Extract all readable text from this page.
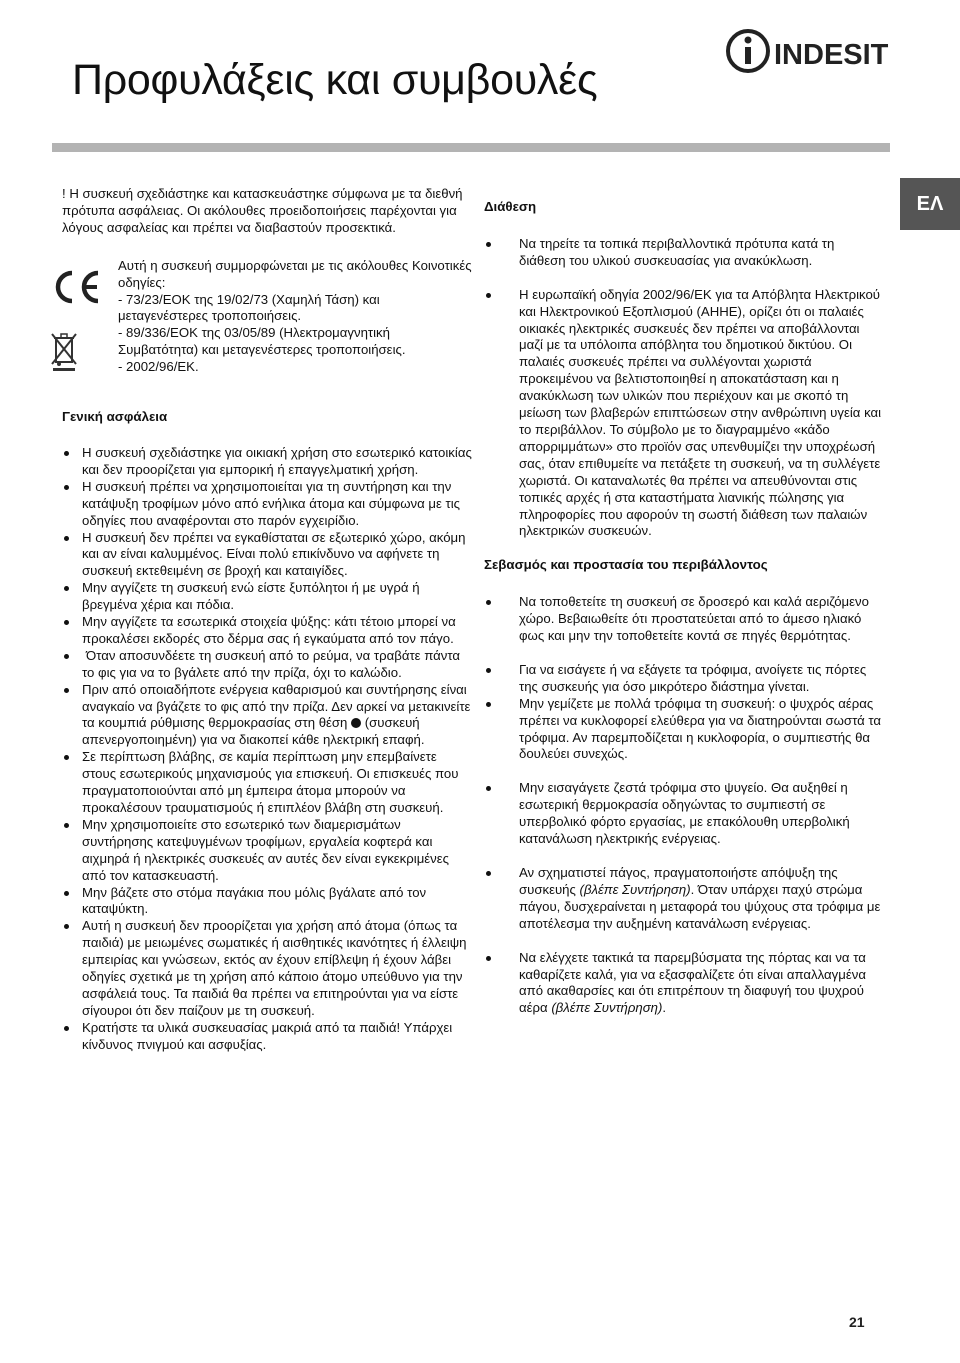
Προφυλάξεις και συμβουλές
INDESIT
ΕΛ

! Η συσκευή σχεδιάστηκε και κατασκευάστηκε σύμφωνα με τα διεθνή πρότυπα ασφάλειας. Οι ακόλουθες προειδοποιήσεις παρέχονται για λόγους ασφαλείας και πρέπει να διαβαστούν προσεκτικά.

Αυτή η συσκευή συμμορφώνεται με τις ακόλουθες Κοινοτικές οδηγίες:

- 73/23/ΕΟΚ της 19/02/73 (Χαμηλή Τάση) και μεταγενέστερες τροποποιήσεις.

- 89/336/ΕΟΚ της 03/05/89 (Ηλεκτρομαγνητική Συμβατότητα) και μεταγενέστερες τροποποιήσεις.

- 2002/96/ΕΚ.

Γενική ασφάλεια

Η συσκευή σχεδιάστηκε για οικιακή χρήση στο εσωτερικό κατοικίας και δεν προορίζεται για εμπορική ή επαγγελματική χρήση.
Η συσκευή πρέπει να χρησιμοποιείται για τη συντήρηση και την κατάψυξη τροφίμων μόνο από ενήλικα άτομα και σύμφωνα με τις οδηγίες που αναφέρονται στο παρόν εγχειρίδιο.
Η συσκευή δεν πρέπει να εγκαθίσταται σε εξωτερικό χώρο, ακόμη και αν είναι καλυμμένος. Είναι πολύ επικίνδυνο να αφήνετε τη συσκευή εκτεθειμένη σε βροχή και καταιγίδες.
Μην αγγίζετε τη συσκευή ενώ είστε ξυπόλητοι ή με υγρά ή βρεγμένα χέρια και πόδια.
Μην αγγίζετε τα εσωτερικά στοιχεία ψύξης: κάτι τέτοιο μπορεί να προκαλέσει εκδορές στο δέρμα σας ή εγκαύματα από τον πάγο.
Όταν αποσυνδέετε τη συσκευή από το ρεύμα, να τραβάτε πάντα το φις για να το βγάλετε από την πρίζα, όχι το καλώδιο.
Πριν από οποιαδήποτε ενέργεια καθαρισμού και συντήρησης είναι αναγκαίο να βγάζετε το φις από την πρίζα. Δεν αρκεί να μετακινείτε τα κουμπιά ρύθμισης θερμοκρασίας στη θέση (συσκευή απενεργοποιημένη) για να διακοπεί κάθε ηλεκτρική επαφή.
Σε περίπτωση βλάβης, σε καμία περίπτωση μην επεμβαίνετε στους εσωτερικούς μηχανισμούς για επισκευή. Οι επισκευές που πραγματοποιούνται από μη έμπειρα άτομα μπορούν να προκαλέσουν τραυματισμούς ή επιπλέον βλάβη στη συσκευή.
Μην χρησιμοποιείτε στο εσωτερικό των διαμερισμάτων συντήρησης κατεψυγμένων τροφίμων, εργαλεία κοφτερά και αιχμηρά ή ηλεκτρικές συσκευές αν αυτές δεν είναι εγκεκριμένες από τον κατασκευαστή.
Μην βάζετε στο στόμα παγάκια που μόλις βγάλατε από τον καταψύκτη.
Αυτή η συσκευή δεν προορίζεται για χρήση από άτομα (όπως τα παιδιά) με μειωμένες σωματικές ή αισθητικές ικανότητες ή έλλειψη εμπειρίας και γνώσεων, εκτός αν έχουν επίβλεψη ή έχουν λάβει οδηγίες σχετικά με τη χρήση από κάποιο άτομο υπεύθυνο για την ασφάλειά τους. Τα παιδιά θα πρέπει να επιτηρούνται για να είστε σίγουροι ότι δεν παίζουν με τη συσκευή.
Κρατήστε τα υλικά συσκευασίας μακριά από τα παιδιά! Υπάρχει κίνδυνος πνιγμού και ασφυξίας.

Διάθεση

Να τηρείτε τα τοπικά περιβαλλοντικά πρότυπα κατά τη διάθεση του υλικού συσκευασίας για ανακύκλωση.
Η ευρωπαϊκή οδηγία 2002/96/ΕΚ για τα Απόβλητα Ηλεκτρικού και Ηλεκτρονικού Εξοπλισμού (ΑΗΗΕ), ορίζει ότι οι παλαιές οικιακές ηλεκτρικές συσκευές δεν πρέπει να αποβάλλονται μαζί με τα υπόλοιπα απόβλητα του δημοτικού δικτύου. Οι παλαιές συσκευές πρέπει να συλλέγονται χωριστά προκειμένου να βελτιστοποιηθεί η αποκατάσταση και η ανακύκλωση των υλικών που περιέχουν και με σκοπό τη μείωση των βλαβερών επιπτώσεων στην ανθρώπινη υγεία και το περιβάλλον. Το σύμβολο με το διαγραμμένο «κάδο απορριμμάτων» στο προϊόν σας υπενθυμίζει την υποχρέωσή σας, όταν επιθυμείτε να πετάξετε τη συσκευή, να τη συλλέγετε χωριστά. Οι καταναλωτές θα πρέπει να απευθύνονται στις τοπικές αρχές ή στα καταστήματα λιανικής πώλησης για πληροφορίες που αφορούν τη σωστή διάθεση των παλαιών ηλεκτρικών συσκευών.

Σεβασμός και προστασία του περιβάλλοντος

Να τοποθετείτε τη συσκευή σε δροσερό και καλά αεριζόμενο χώρο. Βεβαιωθείτε ότι προστατεύεται από το άμεσο ηλιακό φως και μην την τοποθετείτε κοντά σε πηγές θερμότητας.
Για να εισάγετε ή να εξάγετε τα τρόφιμα, ανοίγετε τις πόρτες της συσκευής για όσο μικρότερο διάστημα γίνεται.
Μην γεμίζετε με πολλά τρόφιμα τη συσκευή: ο ψυχρός αέρας πρέπει να κυκλοφορεί ελεύθερα για να διατηρούνται σωστά τα τρόφιμα. Αν παρεμποδίζεται η κυκλοφορία, ο συμπιεστής θα δουλεύει συνεχώς.
Μην εισαγάγετε ζεστά τρόφιμα στο ψυγείο. Θα αυξηθεί η εσωτερική θερμοκρασία οδηγώντας το συμπιεστή σε υπερβολικό φόρτο εργασίας, με επακόλουθη υπερβολική κατανάλωση ηλεκτρικής ενέργειας.
Αν σχηματιστεί πάγος, πραγματοποιήστε απόψυξη της συσκευής (βλέπε Συντήρηση). Όταν υπάρχει παχύ στρώμα πάγου, δυσχεραίνεται η μεταφορά του ψύχους στα τρόφιμα με αποτέλεσμα την αυξημένη κατανάλωση ενέργειας.
Να ελέγχετε τακτικά τα παρεμβύσματα της πόρτας και να τα καθαρίζετε καλά, για να εξασφαλίζετε ότι είναι απαλλαγμένα από ακαθαρσίες και ότι επιτρέπουν τη διαφυγή του ψυχρού αέρα (βλέπε Συντήρηση).
21
